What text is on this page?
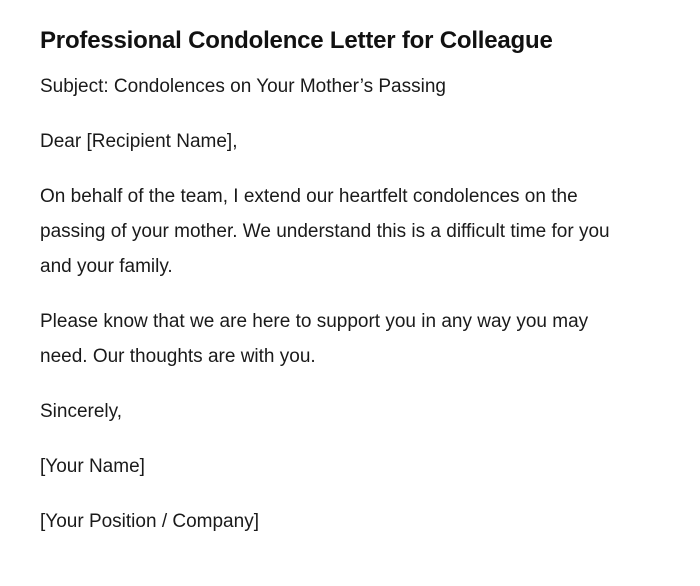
Professional Condolence Letter for Colleague

Subject: Condolences on Your Mother’s Passing

Dear [Recipient Name],

On behalf of the team, I extend our heartfelt condolences on the passing of your mother. We understand this is a difficult time for you and your family.

Please know that we are here to support you in any way you may need. Our thoughts are with you.

Sincerely,

[Your Name]

[Your Position / Company]
